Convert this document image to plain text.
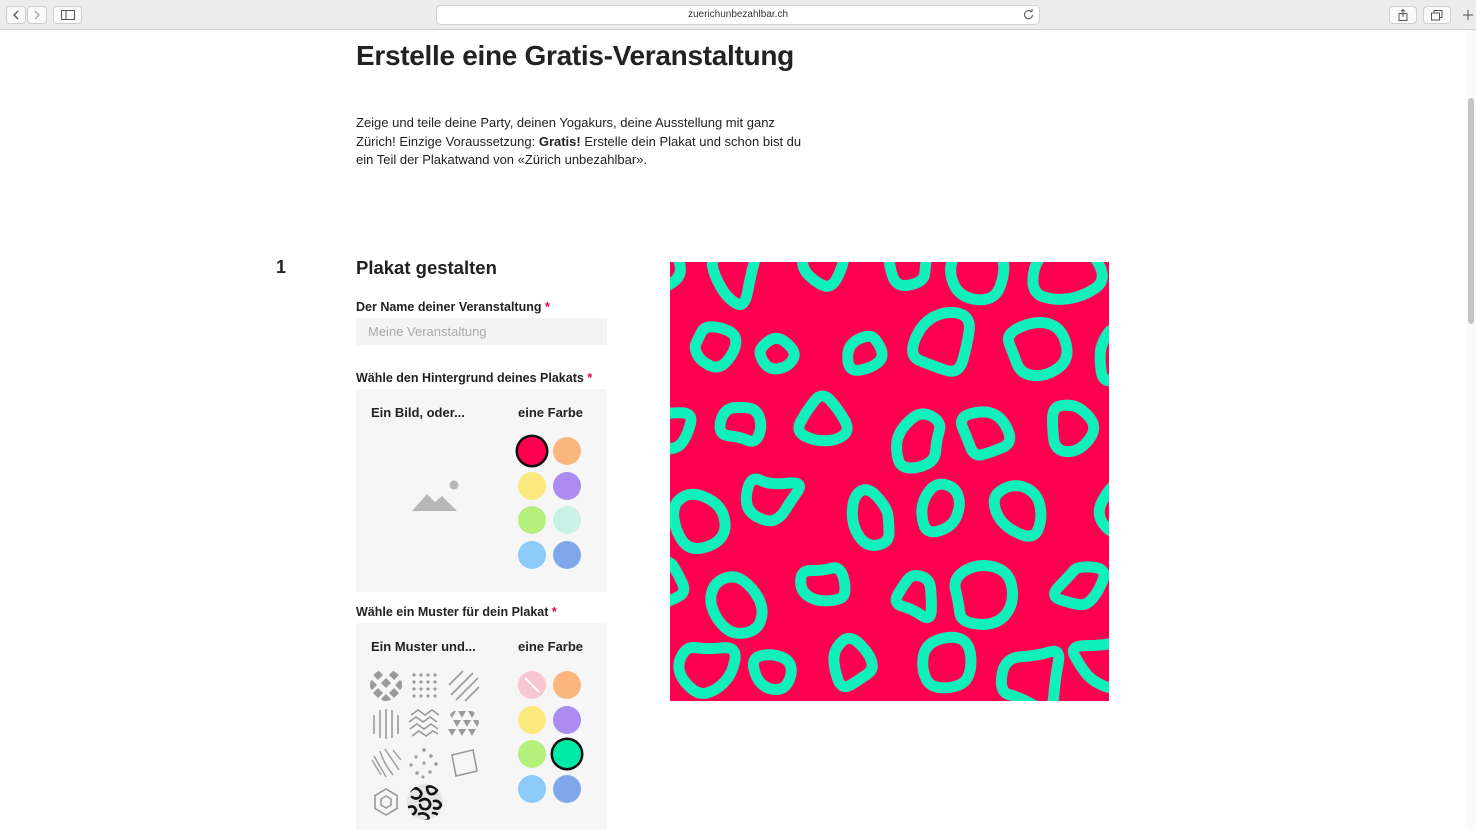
zuerichunbezahlbar.ch
Erstelle eine Gratis-Veranstaltung

Zeige und teile deine Party, deinen Yogakurs, deine Ausstellung mit ganz Zürich! Einzige Voraussetzung: Gratis! Erstelle dein Plakat und schon bist du ein Teil der Plakatwand von «Zürich unbezahlbar».

1	Plakat gestalten
Der Name deiner Veranstaltung *
Meine Veranstaltung
Wähle den Hintergrund deines Plakats *
Ein Bild, oder...	eine Farbe
Wähle ein Muster für dein Plakat *
Ein Muster und...	eine Farbe
